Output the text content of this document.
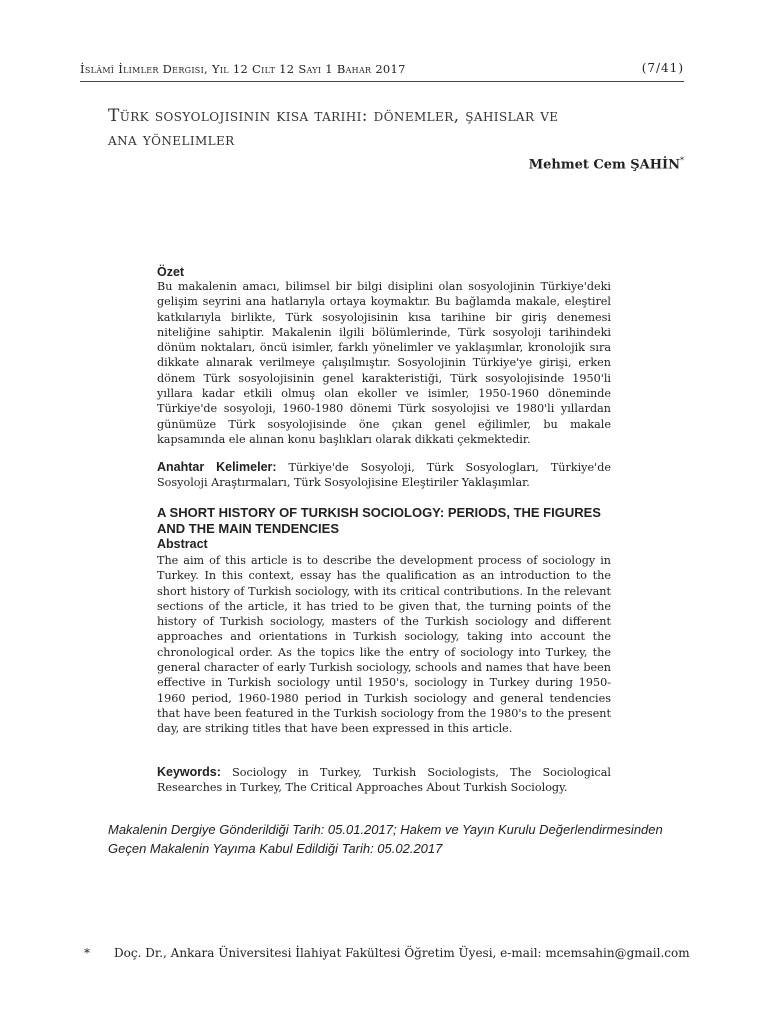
İslâmî İlimler Dergisi, Yıl 12 Cilt 12 Sayı 1 Bahar 2017	(7/41)
Türk sosyolojisinin kısa tarihi: dönemler, şahıslar ve
ana yönelimler
Mehmet Cem ŞAHİN*
Özet
Bu makalenin amacı, bilimsel bir bilgi disiplini olan sosyolojinin Türkiye'deki gelişim seyrini ana hatlarıyla ortaya koymaktır. Bu bağlamda makale, eleştirel katkılarıyla birlikte, Türk sosyolojisinin kısa tarihine bir giriş denemesi niteliğine sahiptir. Makalenin ilgili bölümlerinde, Türk sosyoloji tarihindeki dönüm noktaları, öncü isimler, farklı yönelimler ve yaklaşımlar, kronolojik sıra dikkate alınarak verilmeye çalışılmıştır. Sosyolojinin Türkiye'ye girişi, erken dönem Türk sosyolojisinin genel karakteristiği, Türk sosyolojisinde 1950'li yıllara kadar etkili olmuş olan ekoller ve isimler, 1950-1960 döneminde Türkiye'de sosyoloji, 1960-1980 dönemi Türk sosyolojisi ve 1980'li yıllardan günümüze Türk sosyolojisinde öne çıkan genel eğilimler, bu makale kapsamında ele alınan konu başlıkları olarak dikkati çekmektedir.
Anahtar Kelimeler: Türkiye'de Sosyoloji, Türk Sosyologları, Türkiye'de Sosyoloji Araştırmaları, Türk Sosyolojisine Eleştiriler Yaklaşımlar.
A SHORT HISTORY OF TURKISH SOCIOLOGY: PERIODS, THE FIGURES AND THE MAIN TENDENCIES
Abstract
The aim of this article is to describe the development process of sociology in Turkey. In this context, essay has the qualification as an introduction to the short history of Turkish sociology, with its critical contributions. In the relevant sections of the article, it has tried to be given that, the turning points of the history of Turkish sociology, masters of the Turkish sociology and different approaches and orientations in Turkish sociology, taking into account the chronological order. As the topics like the entry of sociology into Turkey, the general character of early Turkish sociology, schools and names that have been effective in Turkish sociology until 1950's, sociology in Turkey during 1950-1960 period, 1960-1980 period in Turkish sociology and general tendencies that have been featured in the Turkish sociology from the 1980's to the present day, are striking titles that have been expressed in this article.
Keywords: Sociology in Turkey, Turkish Sociologists, The Sociological Researches in Turkey, The Critical Approaches About Turkish Sociology.
Makalenin Dergiye Gönderildiği Tarih: 05.01.2017; Hakem ve Yayın Kurulu Değerlendirmesinden Geçen Makalenin Yayıma Kabul Edildiği Tarih: 05.02.2017
* Doç. Dr., Ankara Üniversitesi İlahiyat Fakültesi Öğretim Üyesi, e-mail: mcemsahin@gmail.com
